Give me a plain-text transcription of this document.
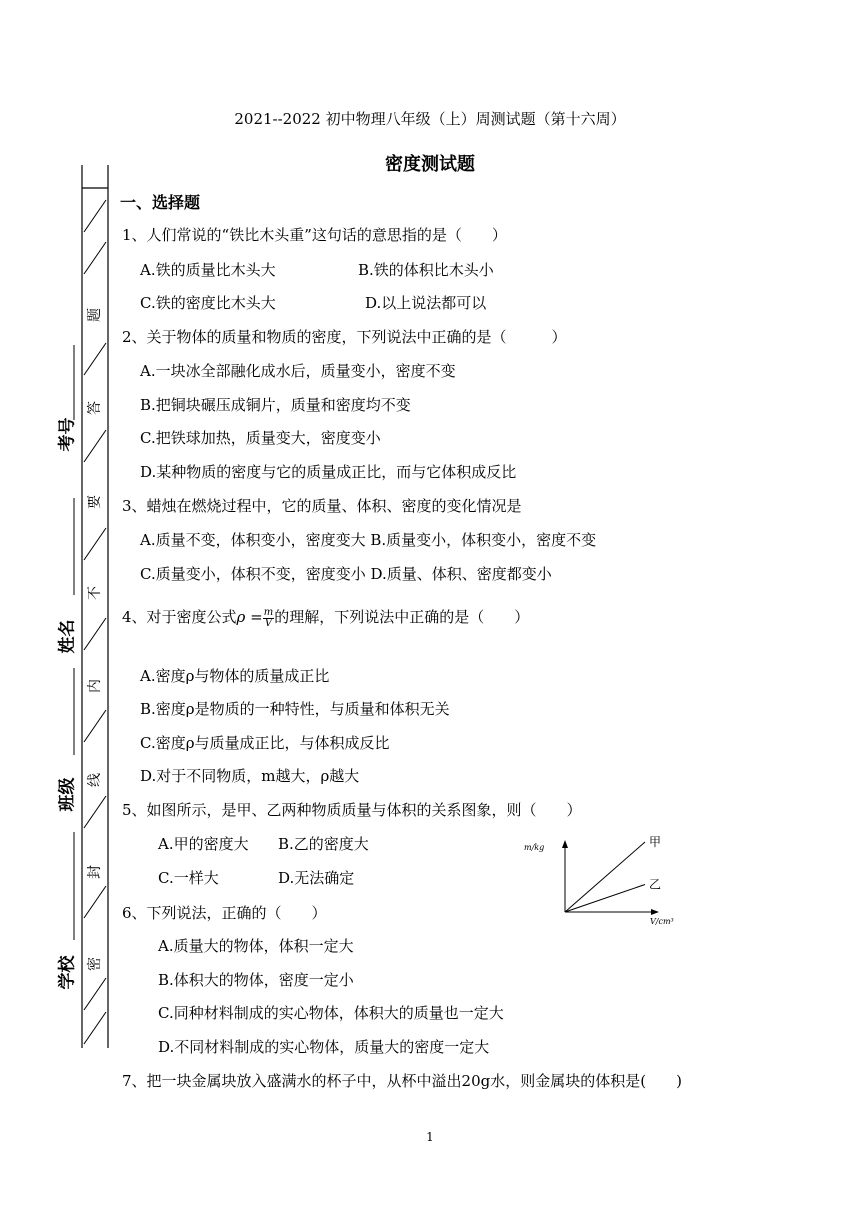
2021--2022 初中物理八年级（上）周测试题（第十六周）
密度测试题
一、选择题
考号
姓名
班级
学校
题
答
要
不
内
线
封
密
1、人们常说的“铁比木头重”这句话的意思指的是（　　）
A.铁的质量比木头大	B.铁的体积比木头小
C.铁的密度比木头大	D.以上说法都可以
2、关于物体的质量和物质的密度，下列说法中正确的是（　　　）
A.一块冰全部融化成水后，质量变小，密度不变
B.把铜块碾压成铜片，质量和密度均不变
C.把铁球加热，质量变大，密度变小
D.某种物质的密度与它的质量成正比，而与它体积成反比
3、蜡烛在燃烧过程中，它的质量、体积、密度的变化情况是
A.质量不变，体积变小，密度变大 B.质量变小，体积变小，密度不变
C.质量变小，体积不变，密度变小 D.质量、体积、密度都变小
4、对于密度公式$\rho = \frac{m}{V}$ 的理解，下列说法中正确的是（　　）
A.密度ρ与物体的质量成正比
B.密度ρ是物质的一种特性，与质量和体积无关
C.密度ρ与质量成正比，与体积成反比
D.对于不同物质，m越大，ρ越大
5、如图所示，是甲、乙两种物质质量与体积的关系图象，则（　　）
A.甲的密度大 B.乙的密度大
C.一样大	D.无法确定
m/kg
V/cm³
甲
乙
6、下列说法，正确的（　　）
A.质量大的物体，体积一定大
B.体积大的物体，密度一定小
C.同种材料制成的实心物体，体积大的质量也一定大
D.不同材料制成的实心物体，质量大的密度一定大
7、把一块金属块放入盛满水的杯子中，从杯中溢出20g水，则金属块的体积是(　　)
1
